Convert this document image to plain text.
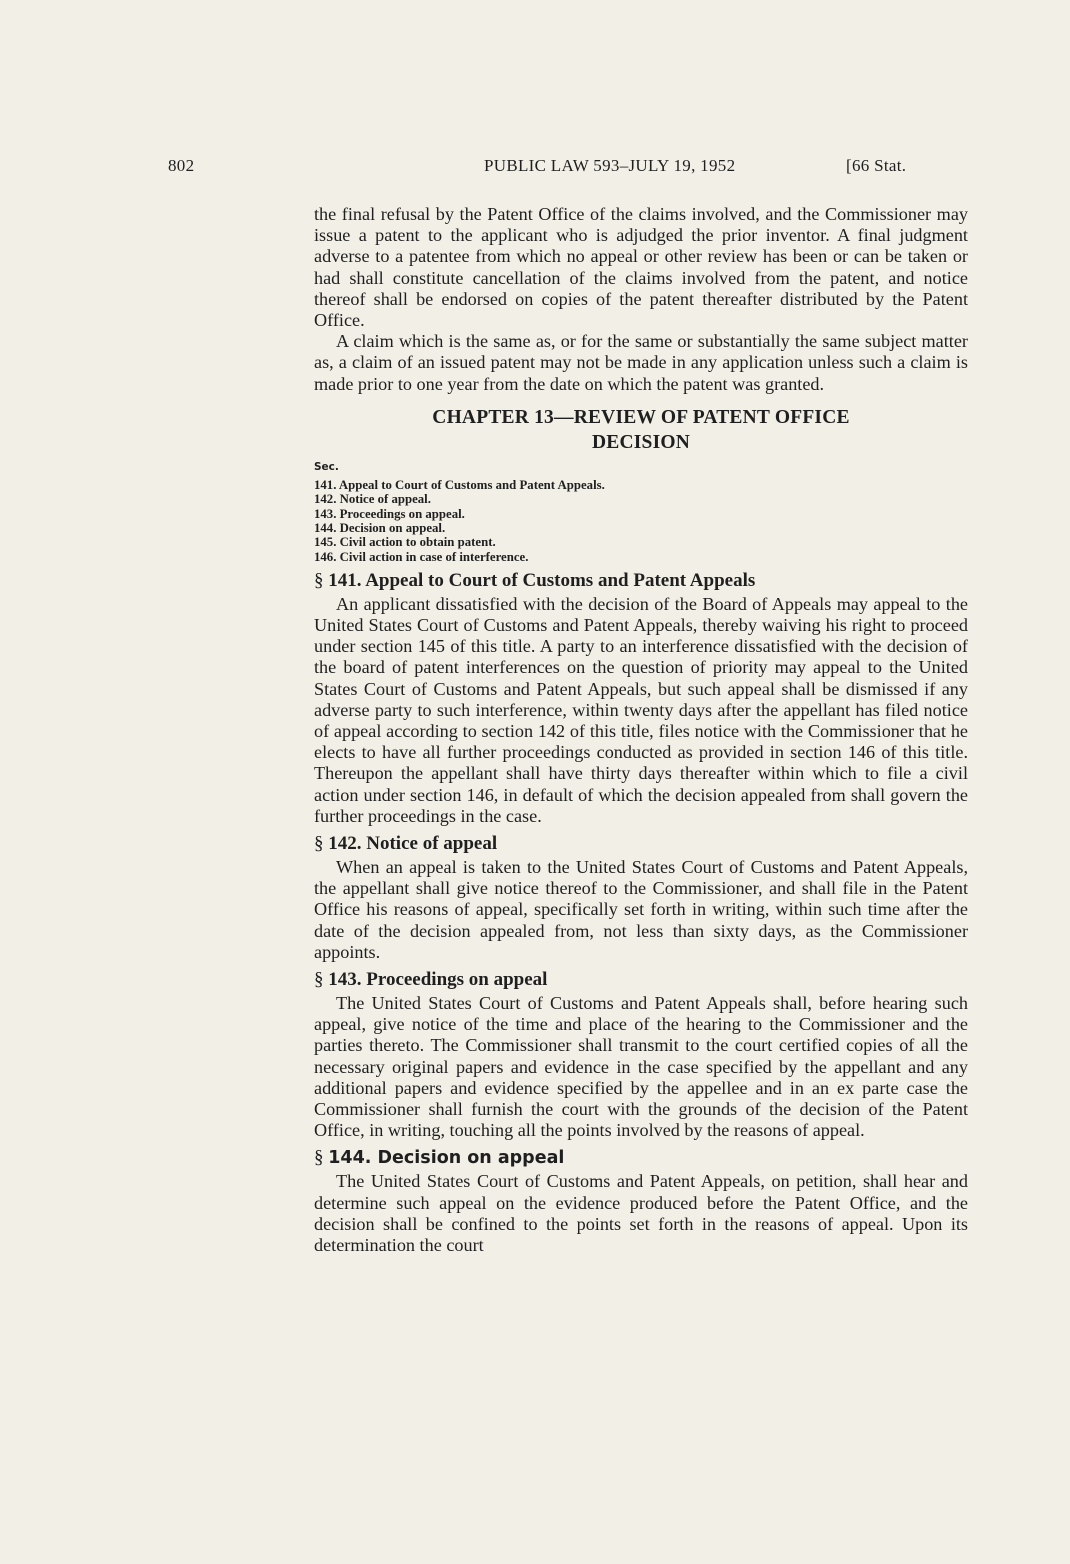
802	PUBLIC LAW 593–JULY 19, 1952	[66 Stat.

the final refusal by the Patent Office of the claims involved, and the Commissioner may issue a patent to the applicant who is adjudged the prior inventor. A final judgment adverse to a patentee from which no appeal or other review has been or can be taken or had shall constitute cancellation of the claims involved from the patent, and notice thereof shall be endorsed on copies of the patent thereafter distributed by the Patent Office.

A claim which is the same as, or for the same or substantially the same subject matter as, a claim of an issued patent may not be made in any application unless such a claim is made prior to one year from the date on which the patent was granted.

CHAPTER 13—REVIEW OF PATENT OFFICE
DECISION
Sec.
141. Appeal to Court of Customs and Patent Appeals.
142. Notice of appeal.
143. Proceedings on appeal.
144. Decision on appeal.
145. Civil action to obtain patent.
146. Civil action in case of interference.
§ 141. Appeal to Court of Customs and Patent Appeals

An applicant dissatisfied with the decision of the Board of Appeals may appeal to the United States Court of Customs and Patent Appeals, thereby waiving his right to proceed under section 145 of this title. A party to an interference dissatisfied with the decision of the board of patent interferences on the question of priority may appeal to the United States Court of Customs and Patent Appeals, but such appeal shall be dismissed if any adverse party to such interference, within twenty days after the appellant has filed notice of appeal according to section 142 of this title, files notice with the Commissioner that he elects to have all further proceedings conducted as provided in section 146 of this title. Thereupon the appellant shall have thirty days thereafter within which to file a civil action under section 146, in default of which the decision appealed from shall govern the further proceedings in the case.

§ 142. Notice of appeal

When an appeal is taken to the United States Court of Customs and Patent Appeals, the appellant shall give notice thereof to the Commissioner, and shall file in the Patent Office his reasons of appeal, specifically set forth in writing, within such time after the date of the decision appealed from, not less than sixty days, as the Commissioner appoints.

§ 143. Proceedings on appeal

The United States Court of Customs and Patent Appeals shall, before hearing such appeal, give notice of the time and place of the hearing to the Commissioner and the parties thereto. The Commissioner shall transmit to the court certified copies of all the necessary original papers and evidence in the case specified by the appellant and any additional papers and evidence specified by the appellee and in an ex parte case the Commissioner shall furnish the court with the grounds of the decision of the Patent Office, in writing, touching all the points involved by the reasons of appeal.

§ 144. Decision on appeal

The United States Court of Customs and Patent Appeals, on petition, shall hear and determine such appeal on the evidence produced before the Patent Office, and the decision shall be confined to the points set forth in the reasons of appeal. Upon its determination the court
